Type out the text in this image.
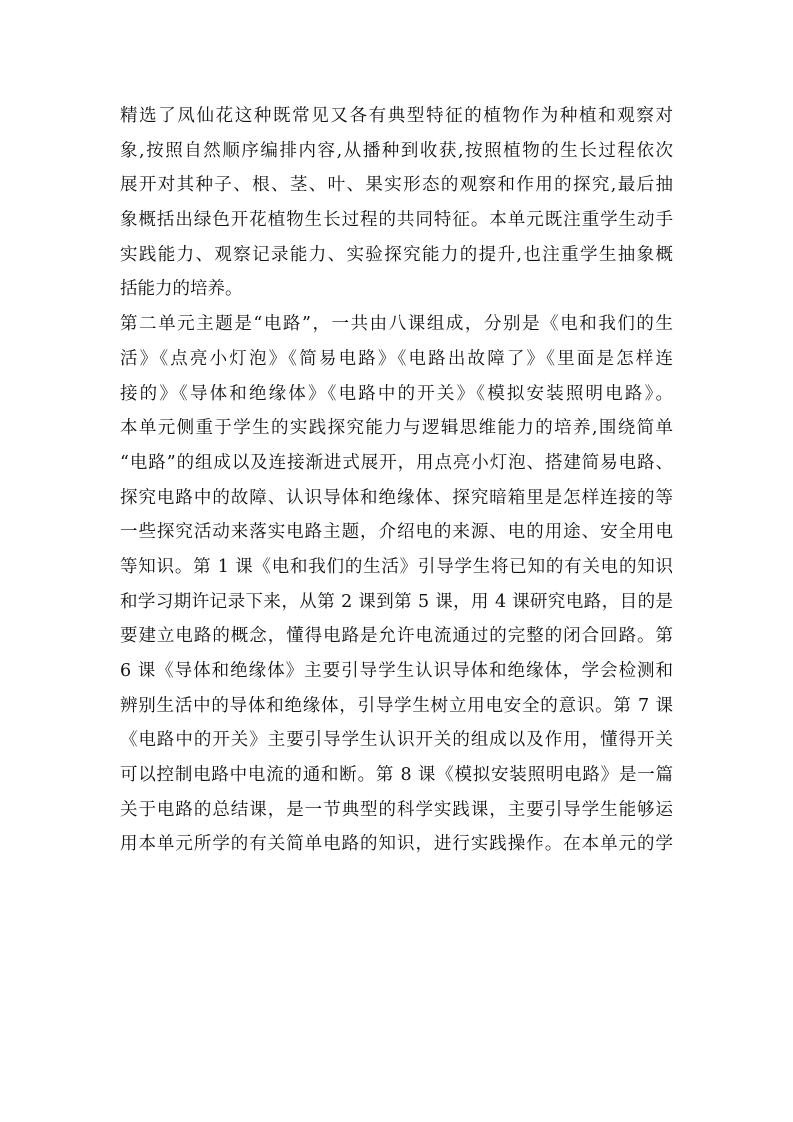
精选了凤仙花这种既常见又各有典型特征的植物作为种植和观察对
象,按照自然顺序编排内容,从播种到收获,按照植物的生长过程依次
展开对其种子、根、茎、叶、果实形态的观察和作用的探究,最后抽
象概括出绿色开花植物生长过程的共同特征。本单元既注重学生动手
实践能力、观察记录能力、实验探究能力的提升,也注重学生抽象概
括能力的培养。
第二单元主题是“电路”，一共由八课组成，分别是《电和我们的生
活》《点亮小灯泡》《简易电路》《电路出故障了》《里面是怎样连
接的》《导体和绝缘体》《电路中的开关》《模拟安装照明电路》。
本单元侧重于学生的实践探究能力与逻辑思维能力的培养,围绕简单
“电路”的组成以及连接渐进式展开，用点亮小灯泡、搭建简易电路、
探究电路中的故障、认识导体和绝缘体、探究暗箱里是怎样连接的等
一些探究活动来落实电路主题，介绍电的来源、电的用途、安全用电
等知识。第 1 课《电和我们的生活》引导学生将已知的有关电的知识
和学习期许记录下来，从第 2 课到第 5 课，用 4 课研究电路，目的是
要建立电路的概念，懂得电路是允许电流通过的完整的闭合回路。第
6 课《导体和绝缘体》主要引导学生认识导体和绝缘体，学会检测和
辨别生活中的导体和绝缘体，引导学生树立用电安全的意识。第 7 课
《电路中的开关》主要引导学生认识开关的组成以及作用，懂得开关
可以控制电路中电流的通和断。第 8 课《模拟安装照明电路》是一篇
关于电路的总结课，是一节典型的科学实践课，主要引导学生能够运
用本单元所学的有关简单电路的知识，进行实践操作。在本单元的学
